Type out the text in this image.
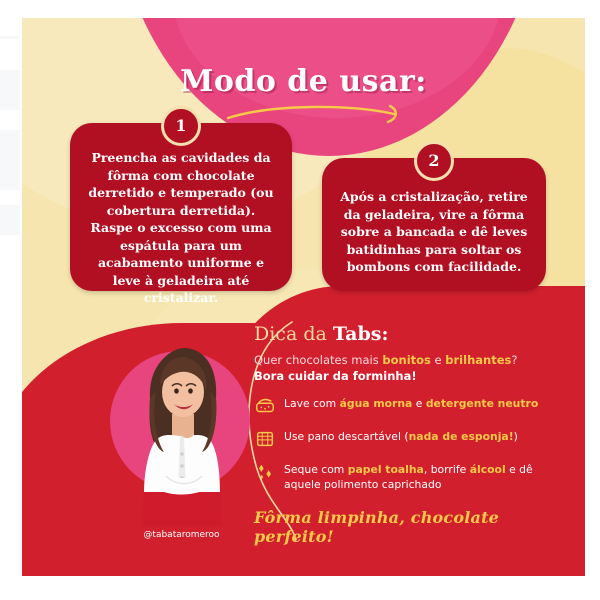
Modo de usar:
1
Preencha as cavidades da fôrma com chocolate derretido e temperado (ou cobertura derretida). Raspe o excesso com uma espátula para um acabamento uniforme e leve à geladeira até cristalizar.
2
Após a cristalização, retire da geladeira, vire a fôrma sobre a bancada e dê leves batidinhas para soltar os bombons com facilidade.
@tabataromeroo
Dica da Tabs:
Quer chocolates mais bonitos e brilhantes?
Bora cuidar da forminha!
Lave com água morna e detergente neutro
Use pano descartável (nada de esponja!)
Seque com papel toalha, borrife álcool e dê aquele polimento caprichado
Fôrma limpinha, chocolate perfeito!
